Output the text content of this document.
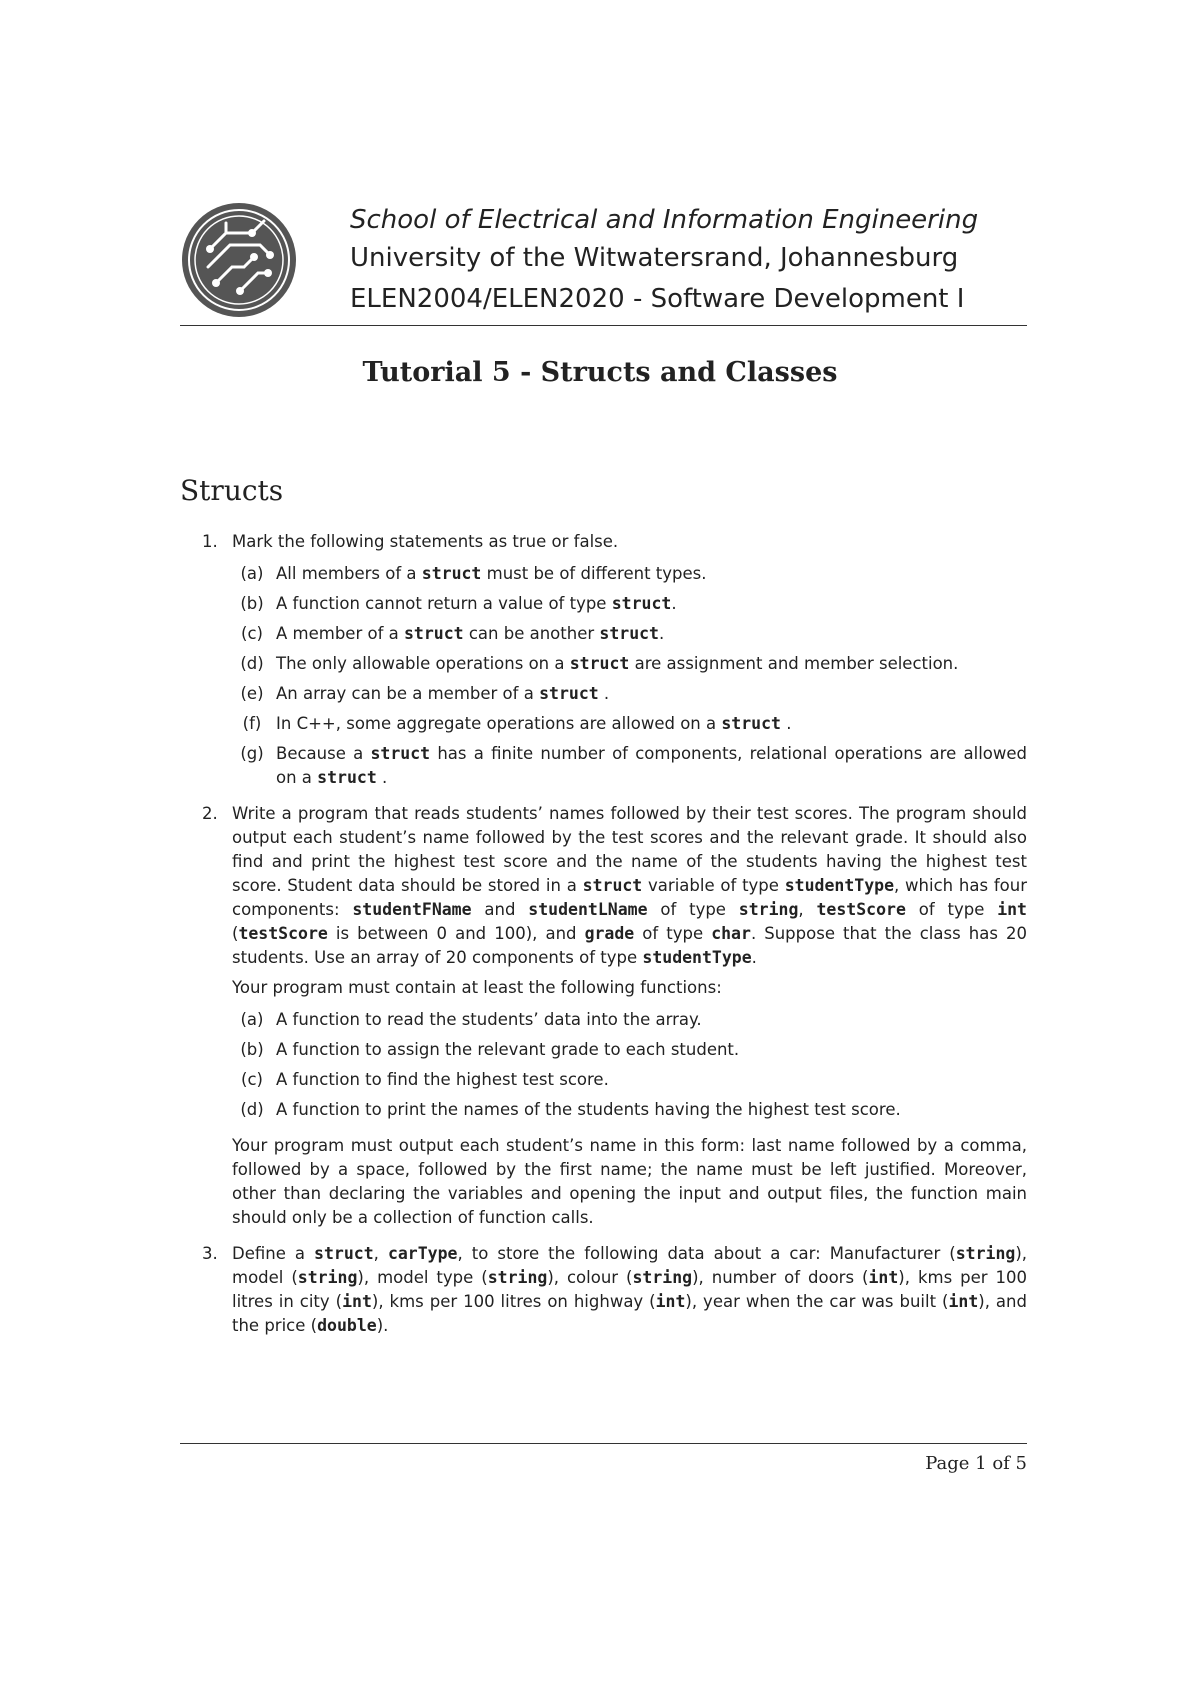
School of Electrical and Information Engineering
University of the Witwatersrand, Johannesburg
ELEN2004/ELEN2020 - Software Development I
Tutorial 5 - Structs and Classes
Structs
1. Mark the following statements as true or false.
(a) All members of a struct must be of different types.
(b) A function cannot return a value of type struct.
(c) A member of a struct can be another struct.
(d) The only allowable operations on a struct are assignment and member selection.
(e) An array can be a member of a struct .
(f) In C++, some aggregate operations are allowed on a struct .
(g) Because a struct has a finite number of components, relational operations are allowed on a struct .
2. Write a program that reads students’ names followed by their test scores. The program should output each student’s name followed by the test scores and the relevant grade. It should also find and print the highest test score and the name of the students having the highest test score. Student data should be stored in a struct variable of type studentType, which has four components: studentFName and studentLName of type string, testScore of type int (testScore is between 0 and 100), and grade of type char. Suppose that the class has 20 students. Use an array of 20 components of type studentType.
Your program must contain at least the following functions:
(a) A function to read the students’ data into the array.
(b) A function to assign the relevant grade to each student.
(c) A function to find the highest test score.
(d) A function to print the names of the students having the highest test score.
Your program must output each student’s name in this form: last name followed by a comma, followed by a space, followed by the first name; the name must be left justified. Moreover, other than declaring the variables and opening the input and output files, the function main should only be a collection of function calls.
3. Define a struct, carType, to store the following data about a car: Manufacturer (string), model (string), model type (string), colour (string), number of doors (int), kms per 100 litres in city (int), kms per 100 litres on highway (int), year when the car was built (int), and the price (double).
Page 1 of 5
